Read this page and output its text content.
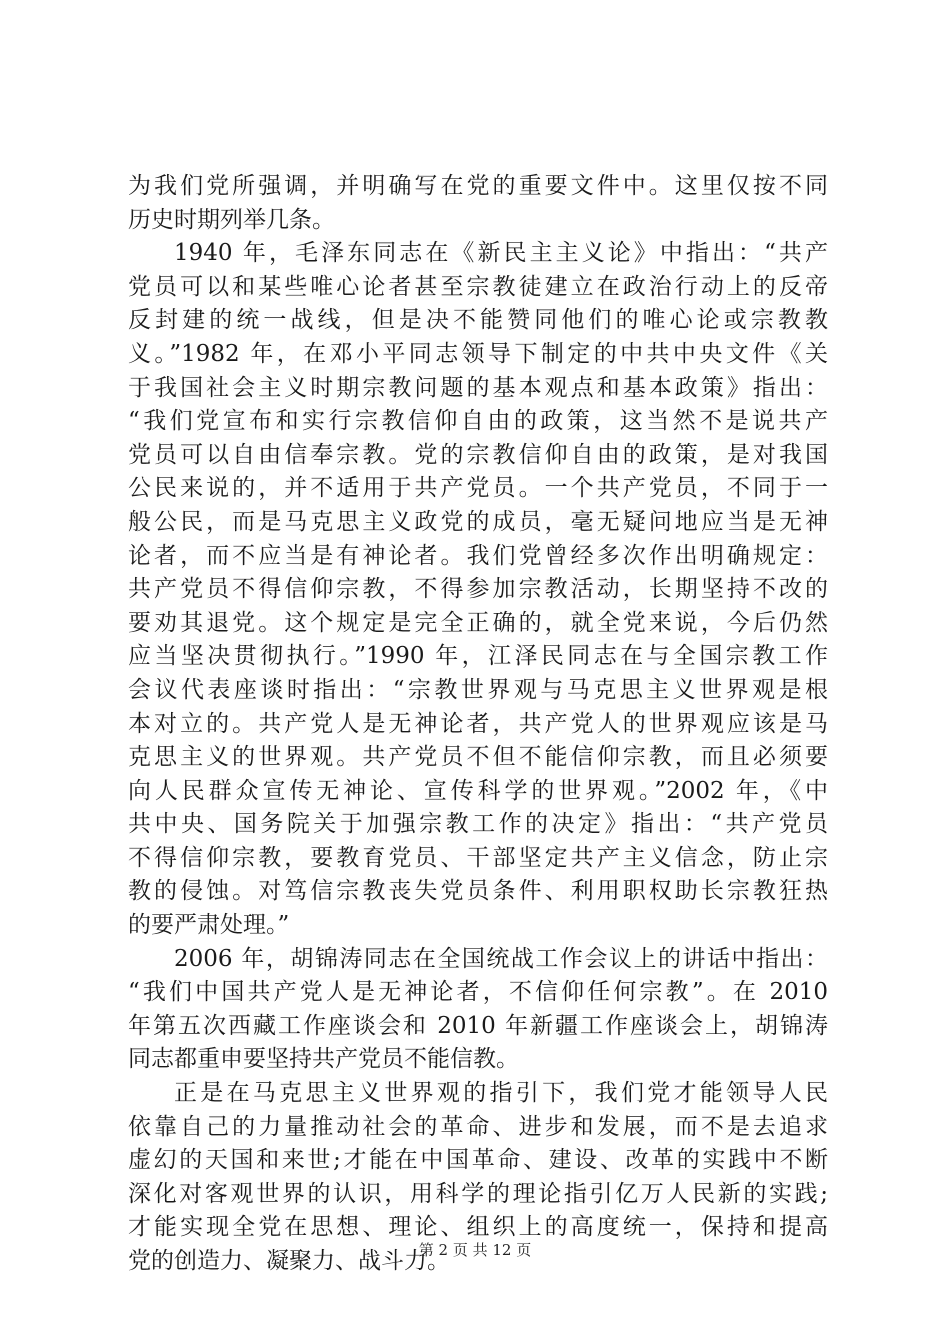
为我们党所强调，并明确写在党的重要文件中。这里仅按不同
历史时期列举几条。
1940 年，毛泽东同志在《新民主主义论》中指出：“共产
党员可以和某些唯心论者甚至宗教徒建立在政治行动上的反帝
反封建的统一战线，但是决不能赞同他们的唯心论或宗教教
义。”1982 年，在邓小平同志领导下制定的中共中央文件《关
于我国社会主义时期宗教问题的基本观点和基本政策》指出：
“我们党宣布和实行宗教信仰自由的政策，这当然不是说共产
党员可以自由信奉宗教。党的宗教信仰自由的政策，是对我国
公民来说的，并不适用于共产党员。一个共产党员，不同于一
般公民，而是马克思主义政党的成员，毫无疑问地应当是无神
论者，而不应当是有神论者。我们党曾经多次作出明确规定：
共产党员不得信仰宗教，不得参加宗教活动，长期坚持不改的
要劝其退党。这个规定是完全正确的，就全党来说，今后仍然
应当坚决贯彻执行。”1990 年，江泽民同志在与全国宗教工作
会议代表座谈时指出：“宗教世界观与马克思主义世界观是根
本对立的。共产党人是无神论者，共产党人的世界观应该是马
克思主义的世界观。共产党员不但不能信仰宗教，而且必须要
向人民群众宣传无神论、宣传科学的世界观。”2002 年，《中
共中央、国务院关于加强宗教工作的决定》指出：“共产党员
不得信仰宗教，要教育党员、干部坚定共产主义信念，防止宗
教的侵蚀。对笃信宗教丧失党员条件、利用职权助长宗教狂热
的要严肃处理。”
2006 年，胡锦涛同志在全国统战工作会议上的讲话中指出：
“我们中国共产党人是无神论者，不信仰任何宗教”。在 2010
年第五次西藏工作座谈会和 2010 年新疆工作座谈会上，胡锦涛
同志都重申要坚持共产党员不能信教。
正是在马克思主义世界观的指引下，我们党才能领导人民
依靠自己的力量推动社会的革命、进步和发展，而不是去追求
虚幻的天国和来世;才能在中国革命、建设、改革的实践中不断
深化对客观世界的认识，用科学的理论指引亿万人民新的实践;
才能实现全党在思想、理论、组织上的高度统一，保持和提高
党的创造力、凝聚力、战斗力。
第 2 页 共 12 页
